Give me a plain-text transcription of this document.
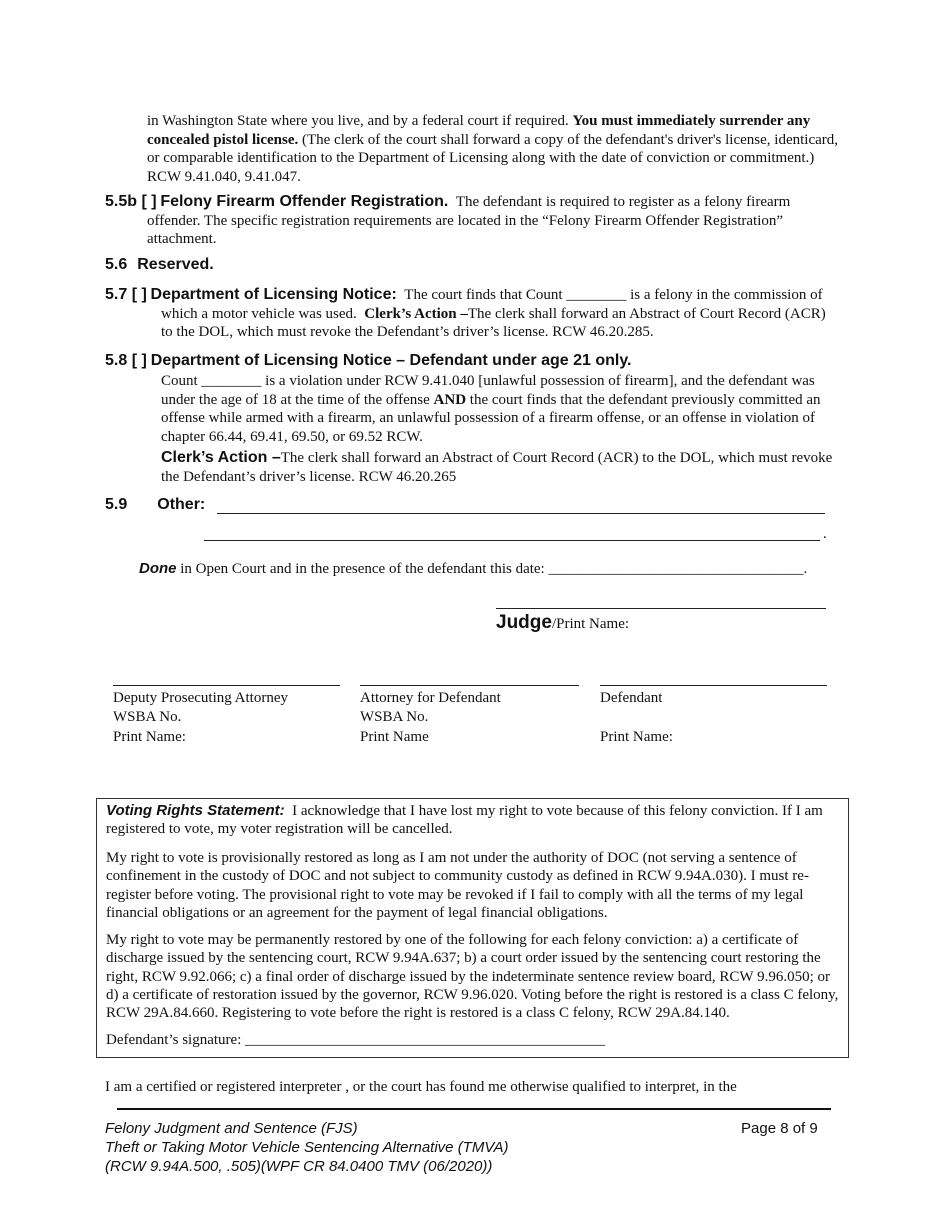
in Washington State where you live, and by a federal court if required. You must immediately surrender any concealed pistol license. (The clerk of the court shall forward a copy of the defendant's driver's license, identicard, or comparable identification to the Department of Licensing along with the date of conviction or commitment.) RCW 9.41.040, 9.41.047.
5.5b [ ] Felony Firearm Offender Registration. The defendant is required to register as a felony firearm offender. The specific registration requirements are located in the “Felony Firearm Offender Registration” attachment.
5.6 Reserved.
5.7 [ ] Department of Licensing Notice: The court finds that Count ________ is a felony in the commission of which a motor vehicle was used. Clerk’s Action –The clerk shall forward an Abstract of Court Record (ACR) to the DOL, which must revoke the Defendant’s driver’s license. RCW 46.20.285.
5.8 [ ] Department of Licensing Notice – Defendant under age 21 only.
Count ________ is a violation under RCW 9.41.040 [unlawful possession of firearm], and the defendant was under the age of 18 at the time of the offense AND the court finds that the defendant previously committed an offense while armed with a firearm, an unlawful possession of a firearm offense, or an offense in violation of chapter 66.44, 69.41, 69.50, or 69.52 RCW.
Clerk’s Action –The clerk shall forward an Abstract of Court Record (ACR) to the DOL, which must revoke the Defendant’s driver’s license. RCW 46.20.265
5.9 Other:
.
Done in Open Court and in the presence of the defendant this date: __________________________________.
Judge/Print Name:
Deputy Prosecuting Attorney
WSBA No.
Print Name:
Attorney for Defendant
WSBA No.
Print Name
Defendant
Print Name:

Voting Rights Statement: I acknowledge that I have lost my right to vote because of this felony conviction. If I am registered to vote, my voter registration will be cancelled.

My right to vote is provisionally restored as long as I am not under the authority of DOC (not serving a sentence of confinement in the custody of DOC and not subject to community custody as defined in RCW 9.94A.030). I must re-register before voting. The provisional right to vote may be revoked if I fail to comply with all the terms of my legal financial obligations or an agreement for the payment of legal financial obligations.

My right to vote may be permanently restored by one of the following for each felony conviction: a) a certificate of discharge issued by the sentencing court, RCW 9.94A.637; b) a court order issued by the sentencing court restoring the right, RCW 9.92.066; c) a final order of discharge issued by the indeterminate sentence review board, RCW 9.96.050; or d) a certificate of restoration issued by the governor, RCW 9.96.020. Voting before the right is restored is a class C felony, RCW 29A.84.660. Registering to vote before the right is restored is a class C felony, RCW 29A.84.140.

Defendant’s signature: ________________________________________________

I am a certified or registered interpreter , or the court has found me otherwise qualified to interpret, in the
Felony Judgment and Sentence (FJS)
Theft or Taking Motor Vehicle Sentencing Alternative (TMVA)
(RCW 9.94A.500, .505)(WPF CR 84.0400 TMV (06/2020))
Page 8 of 9
